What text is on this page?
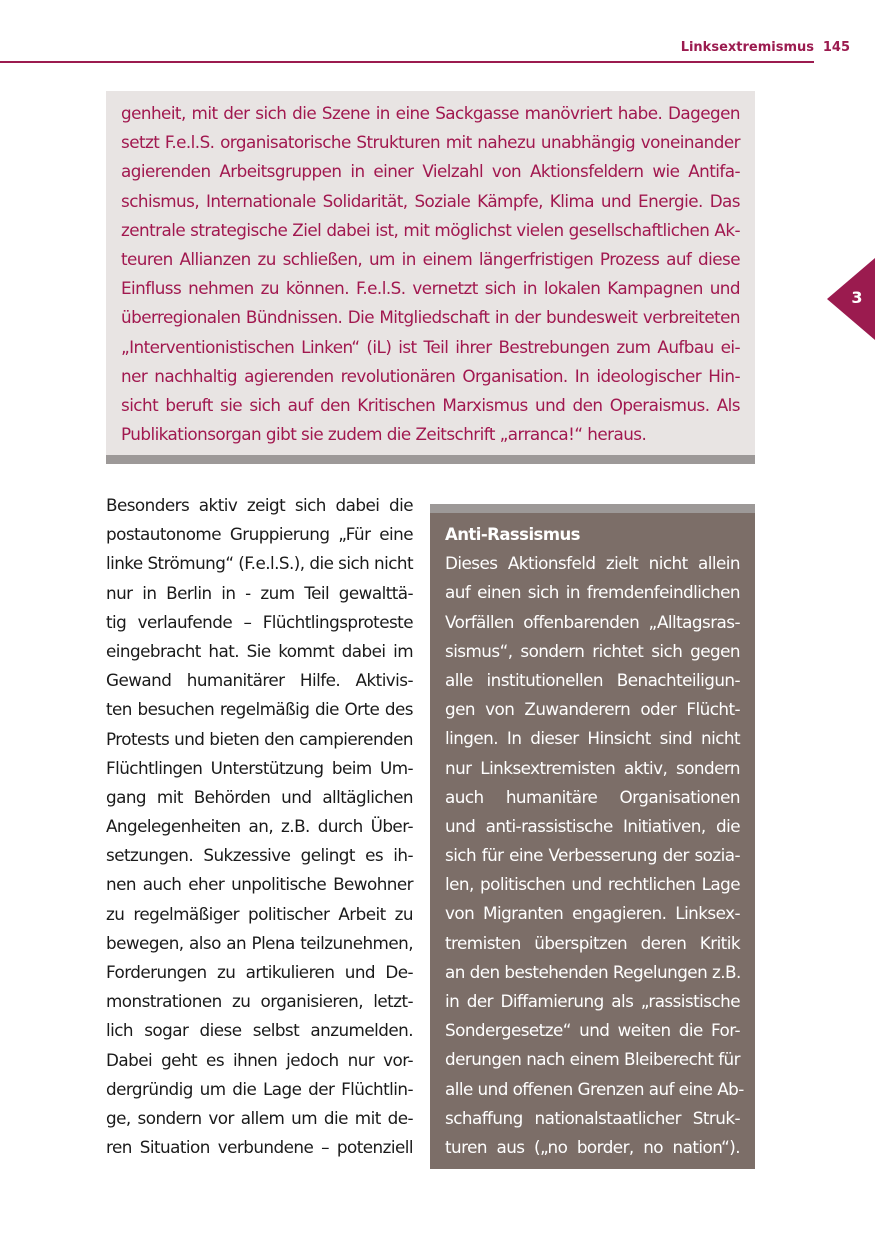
Linksextremismus 145
3

genheit, mit der sich die Szene in eine Sackgasse manövriert habe. Dagegen
setzt F.e.l.S. organisatorische Strukturen mit nahezu unabhängig voneinander
agierenden Arbeitsgruppen in einer Vielzahl von Aktionsfeldern wie Antifa-
schismus, Internationale Solidarität, Soziale Kämpfe, Klima und Energie. Das
zentrale strategische Ziel dabei ist, mit möglichst vielen gesellschaftlichen Ak-
teuren Allianzen zu schließen, um in einem längerfristigen Prozess auf diese
Einfluss nehmen zu können. F.e.l.S. vernetzt sich in lokalen Kampagnen und
überregionalen Bündnissen. Die Mitgliedschaft in der bundesweit verbreiteten
„Interventionistischen Linken“ (iL) ist Teil ihrer Bestrebungen zum Aufbau ei-
ner nachhaltig agierenden revolutionären Organisation. In ideologischer Hin-
sicht beruft sie sich auf den Kritischen Marxismus und den Operaismus. Als
Publikationsorgan gibt sie zudem die Zeitschrift „arranca!“ heraus.

Besonders aktiv zeigt sich dabei die
postautonome Gruppierung „Für eine
linke Strömung“ (F.e.l.S.), die sich nicht
nur in Berlin in - zum Teil gewalttä-
tig verlaufende – Flüchtlingsproteste
eingebracht hat. Sie kommt dabei im
Gewand humanitärer Hilfe. Aktivis-
ten besuchen regelmäßig die Orte des
Protests und bieten den campierenden
Flüchtlingen Unterstützung beim Um-
gang mit Behörden und alltäglichen
Angelegenheiten an, z.B. durch Über-
setzungen. Sukzessive gelingt es ih-
nen auch eher unpolitische Bewohner
zu regelmäßiger politischer Arbeit zu
bewegen, also an Plena teilzunehmen,
Forderungen zu artikulieren und De-
monstrationen zu organisieren, letzt-
lich sogar diese selbst anzumelden.
Dabei geht es ihnen jedoch nur vor-
dergründig um die Lage der Flüchtlin-
ge, sondern vor allem um die mit de-
ren Situation verbundene – potenziell

Anti-Rassismus

Dieses Aktionsfeld zielt nicht allein
auf einen sich in fremdenfeindlichen
Vorfällen offenbarenden „Alltagsras-
sismus“, sondern richtet sich gegen
alle institutionellen Benachteiligun-
gen von Zuwanderern oder Flücht-
lingen. In dieser Hinsicht sind nicht
nur Linksextremisten aktiv, sondern
auch humanitäre Organisationen
und anti-rassistische Initiativen, die
sich für eine Verbesserung der sozia-
len, politischen und rechtlichen Lage
von Migranten engagieren. Linksex-
tremisten überspitzen deren Kritik
an den bestehenden Regelungen z.B.
in der Diffamierung als „rassistische
Sondergesetze“ und weiten die For-
derungen nach einem Bleiberecht für
alle und offenen Grenzen auf eine Ab-
schaffung nationalstaatlicher Struk-
turen aus („no border, no nation“).
